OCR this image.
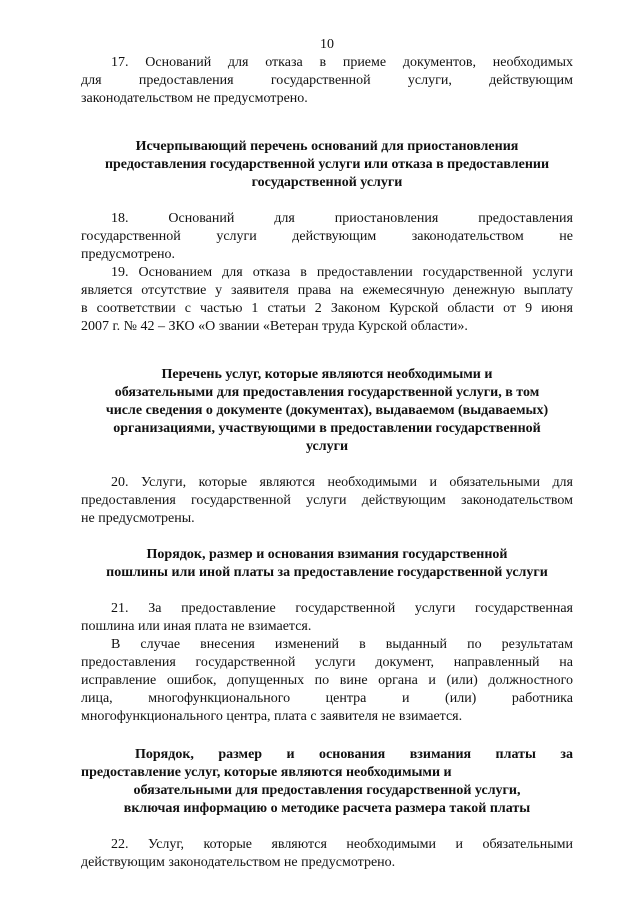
10

17. Оснований для отказа в приеме документов, необходимых
для предоставления государственной услуги, действующим
законодательством не предусмотрено.

Исчерпывающий перечень оснований для приостановления
предоставления государственной услуги или отказа в предоставлении
государственной услуги

18. Оснований для приостановления предоставления
государственной услуги действующим законодательством не
предусмотрено.

19. Основанием для отказа в предоставлении государственной услуги
является отсутствие у заявителя права на ежемесячную денежную выплату
в соответствии с частью 1 статьи 2 Законом Курской области от 9 июня
2007 г. № 42 – ЗКО «О звании «Ветеран труда Курской области».

Перечень услуг, которые являются необходимыми и
обязательными для предоставления государственной услуги, в том
числе сведения о документе (документах), выдаваемом (выдаваемых)
организациями, участвующими в предоставлении государственной
услуги

20. Услуги, которые являются необходимыми и обязательными для
предоставления государственной услуги действующим законодательством
не предусмотрены.

Порядок, размер и основания взимания государственной
пошлины или иной платы за предоставление государственной услуги

21. За предоставление государственной услуги государственная
пошлина или иная плата не взимается.

В случае внесения изменений в выданный по результатам
предоставления государственной услуги документ, направленный на
исправление ошибок, допущенных по вине органа и (или) должностного
лица, многофункционального центра и (или) работника
многофункционального центра, плата с заявителя не взимается.

Порядок, размер и основания взимания платы за
предоставление услуг, которые являются необходимыми и
обязательными для предоставления государственной услуги,
включая информацию о методике расчета размера такой платы

22. Услуг, которые являются необходимыми и обязательными
действующим законодательством не предусмотрено.
